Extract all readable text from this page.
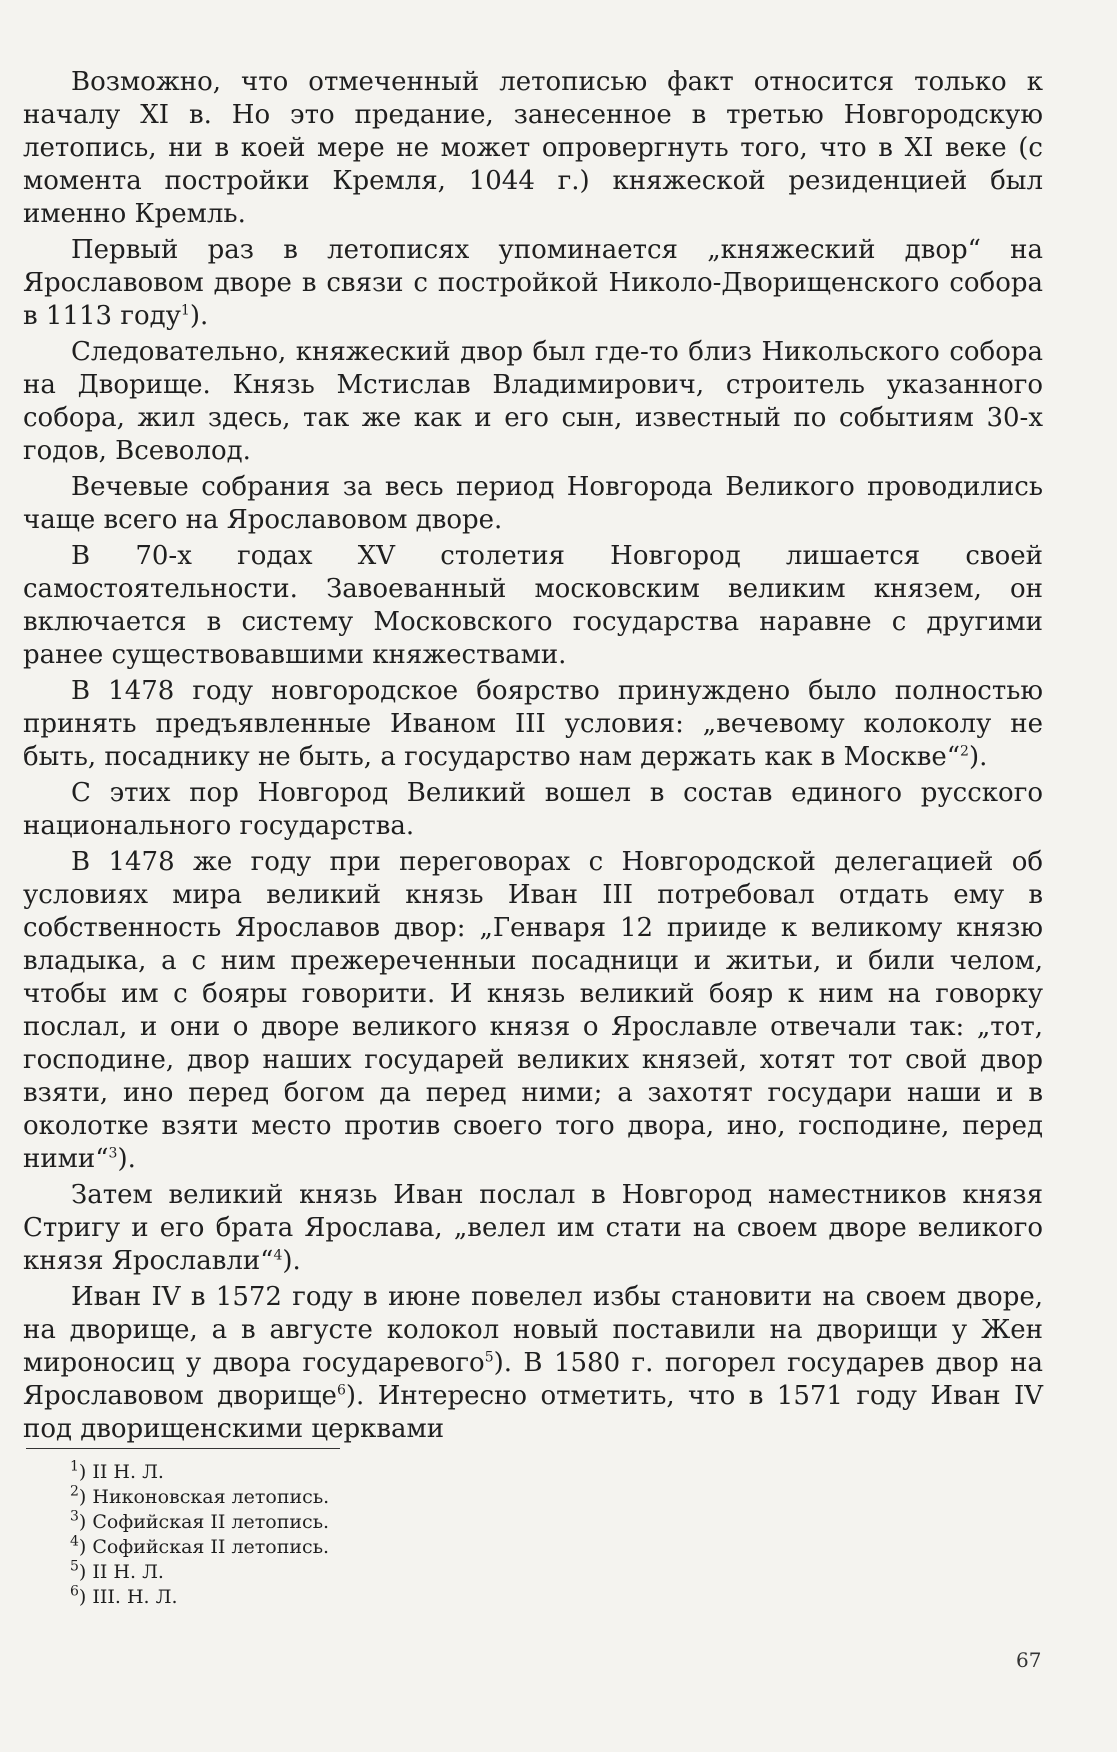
Возможно, что отмеченный летописью факт относится только к началу XI в. Но это предание, занесенное в третью Новгородскую летопись, ни в коей мере не может опровергнуть того, что в XI веке (с момента постройки Кремля, 1044 г.) княжеской резиденцией был именно Кремль.

Первый раз в летописях упоминается „княжеский двор“ на Ярославовом дворе в связи с постройкой Николо-Дворищенского собора в 1113 году$^1$).

Следовательно, княжеский двор был где-то близ Никольского собора на Дворище. Князь Мстислав Владимирович, строитель указанного собора, жил здесь, так же как и его сын, известный по событиям 30-х годов, Всеволод.

Вечевые собрания за весь период Новгорода Великого проводились чаще всего на Ярославовом дворе.

В 70-х годах XV столетия Новгород лишается своей самостоятельности. Завоеванный московским великим князем, он включается в систему Московского государства наравне с другими ранее существовавшими княжествами.

В 1478 году новгородское боярство принуждено было полностью принять предъявленные Иваном III условия: „вечевому колоколу не быть, посаднику не быть, а государство нам держать как в Москве“$^2$).

С этих пор Новгород Великий вошел в состав единого русского национального государства.

В 1478 же году при переговорах с Новгородской делегацией об условиях мира великий князь Иван III потребовал отдать ему в собственность Ярославов двор: „Генваря 12 прииде к великому князю владыка, а с ним прежереченныи посадници и житьи, и били челом, чтобы им с бояры говорити. И князь великий бояр к ним на говорку послал, и они о дворе великого князя о Ярославле отвечали так: „тот, господине, двор наших государей великих князей, хотят тот свой двор взяти, ино перед богом да перед ними; а захотят государи наши и в околотке взяти место против своего того двора, ино, господине, перед ними“$^3$).

Затем великий князь Иван послал в Новгород наместников князя Стригу и его брата Ярослава, „велел им стати на своем дворе великого князя Ярославли“$^4$).

Иван IV в 1572 году в июне повелел избы становити на своем дворе, на дворище, а в августе колокол новый поставили на дворищи у Жен мироносиц у двора государевого$^5$). В 1580 г. погорел государев двор на Ярославовом дворище$^6$). Интересно отметить, что в 1571 году Иван IV под дворищенскими церквами

$^1$) II Н. Л.

$^2$) Никоновская летопись.

$^3$) Софийская II летопись.

$^4$) Софийская II летопись.

$^5$) II Н. Л.

$^6$) III. Н. Л.

67
